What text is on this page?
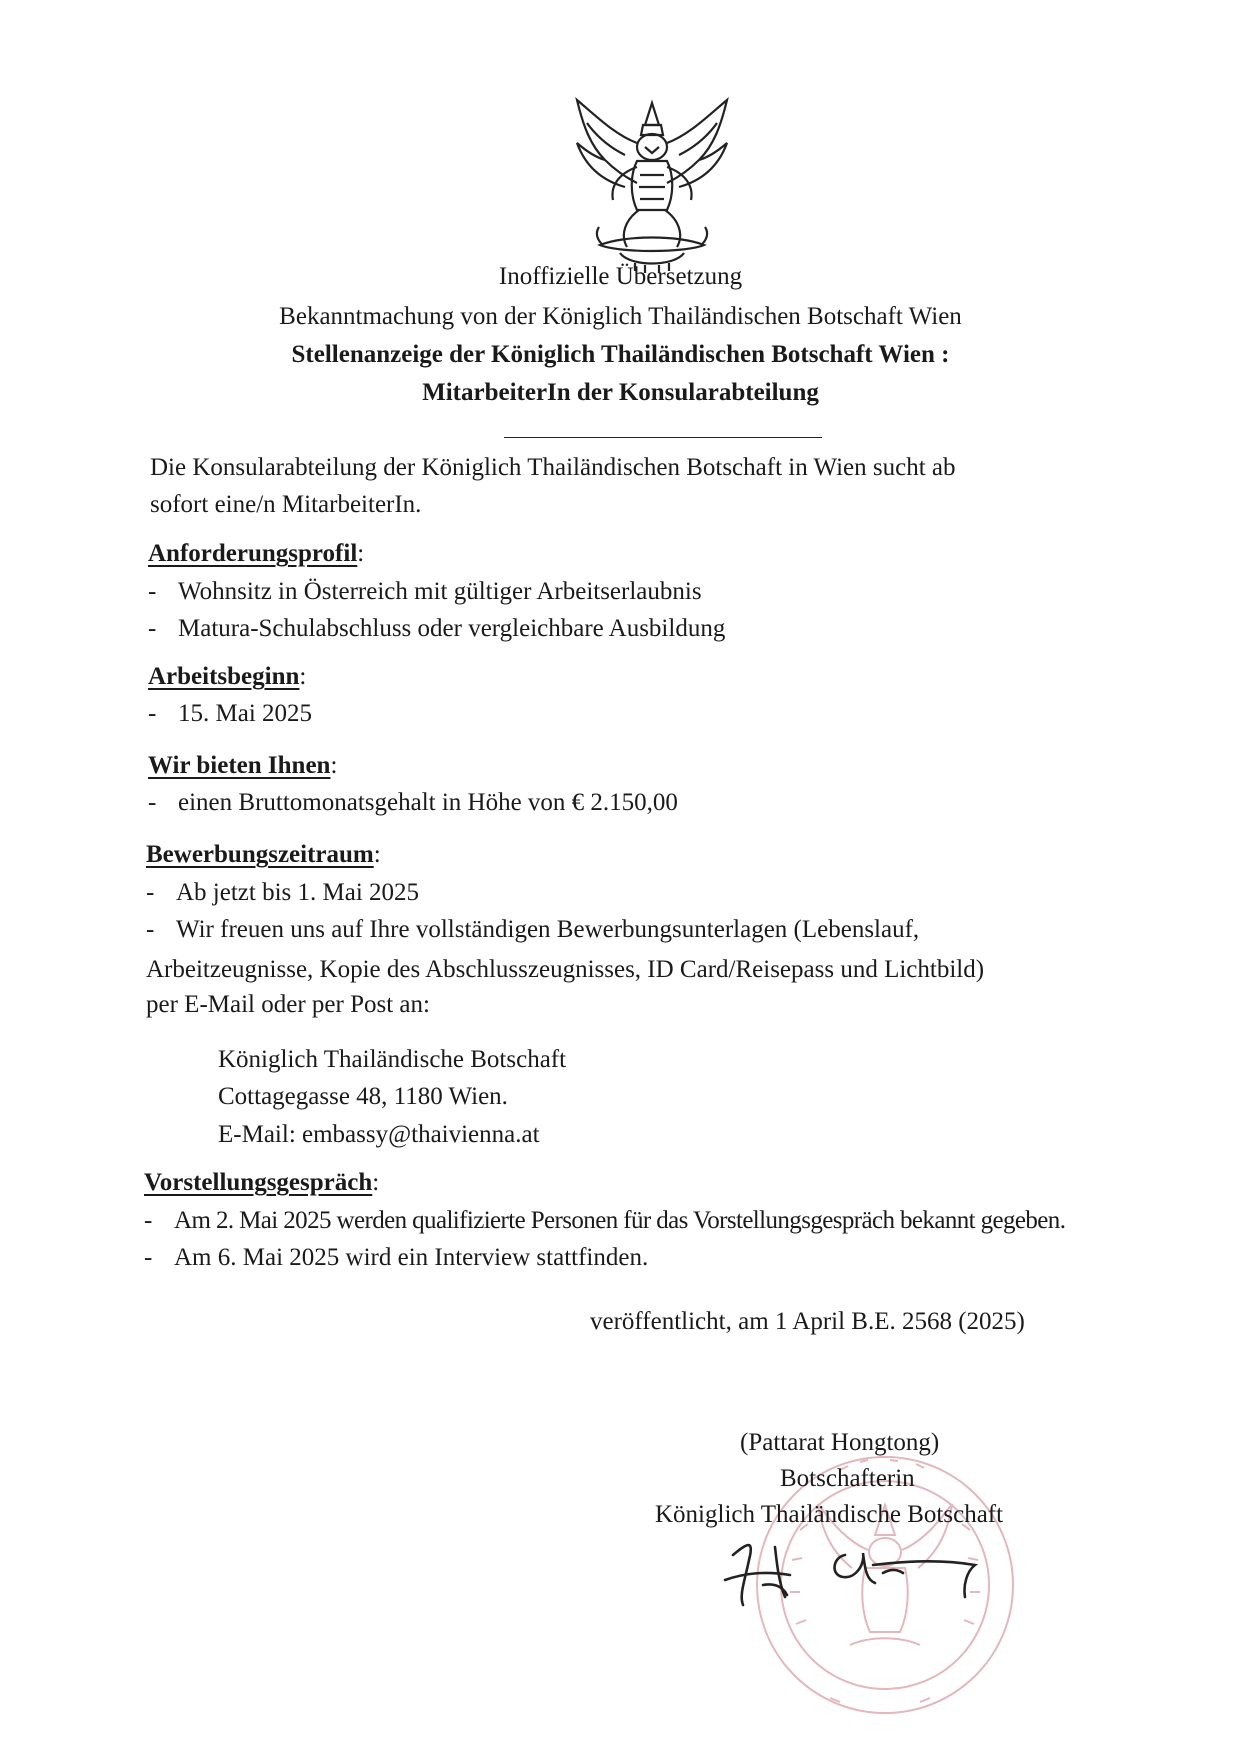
Inoffizielle Übersetzung
Bekanntmachung von der Königlich Thailändischen Botschaft Wien
Stellenanzeige der Königlich Thailändischen Botschaft Wien :
MitarbeiterIn der Konsularabteilung
Die Konsularabteilung der Königlich Thailändischen Botschaft in Wien sucht ab
sofort eine/n MitarbeiterIn.
Anforderungsprofil:
- Wohnsitz in Österreich mit gültiger Arbeitserlaubnis
- Matura-Schulabschluss oder vergleichbare Ausbildung
Arbeitsbeginn:
- 15. Mai 2025
Wir bieten Ihnen:
- einen Bruttomonatsgehalt in Höhe von € 2.150,00
Bewerbungszeitraum:
- Ab jetzt bis 1. Mai 2025
- Wir freuen uns auf Ihre vollständigen Bewerbungsunterlagen (Lebenslauf,
Arbeitzeugnisse, Kopie des Abschlusszeugnisses, ID Card/Reisepass und Lichtbild)
per E-Mail oder per Post an:
Königlich Thailändische Botschaft
Cottagegasse 48, 1180 Wien.
E-Mail: embassy@thaivienna.at
Vorstellungsgespräch:
- Am 2. Mai 2025 werden qualifizierte Personen für das Vorstellungsgespräch bekannt gegeben.
- Am 6. Mai 2025 wird ein Interview stattfinden.
veröffentlicht, am 1 April B.E. 2568 (2025)
(Pattarat Hongtong)
Botschafterin
Königlich Thailändische Botschaft
